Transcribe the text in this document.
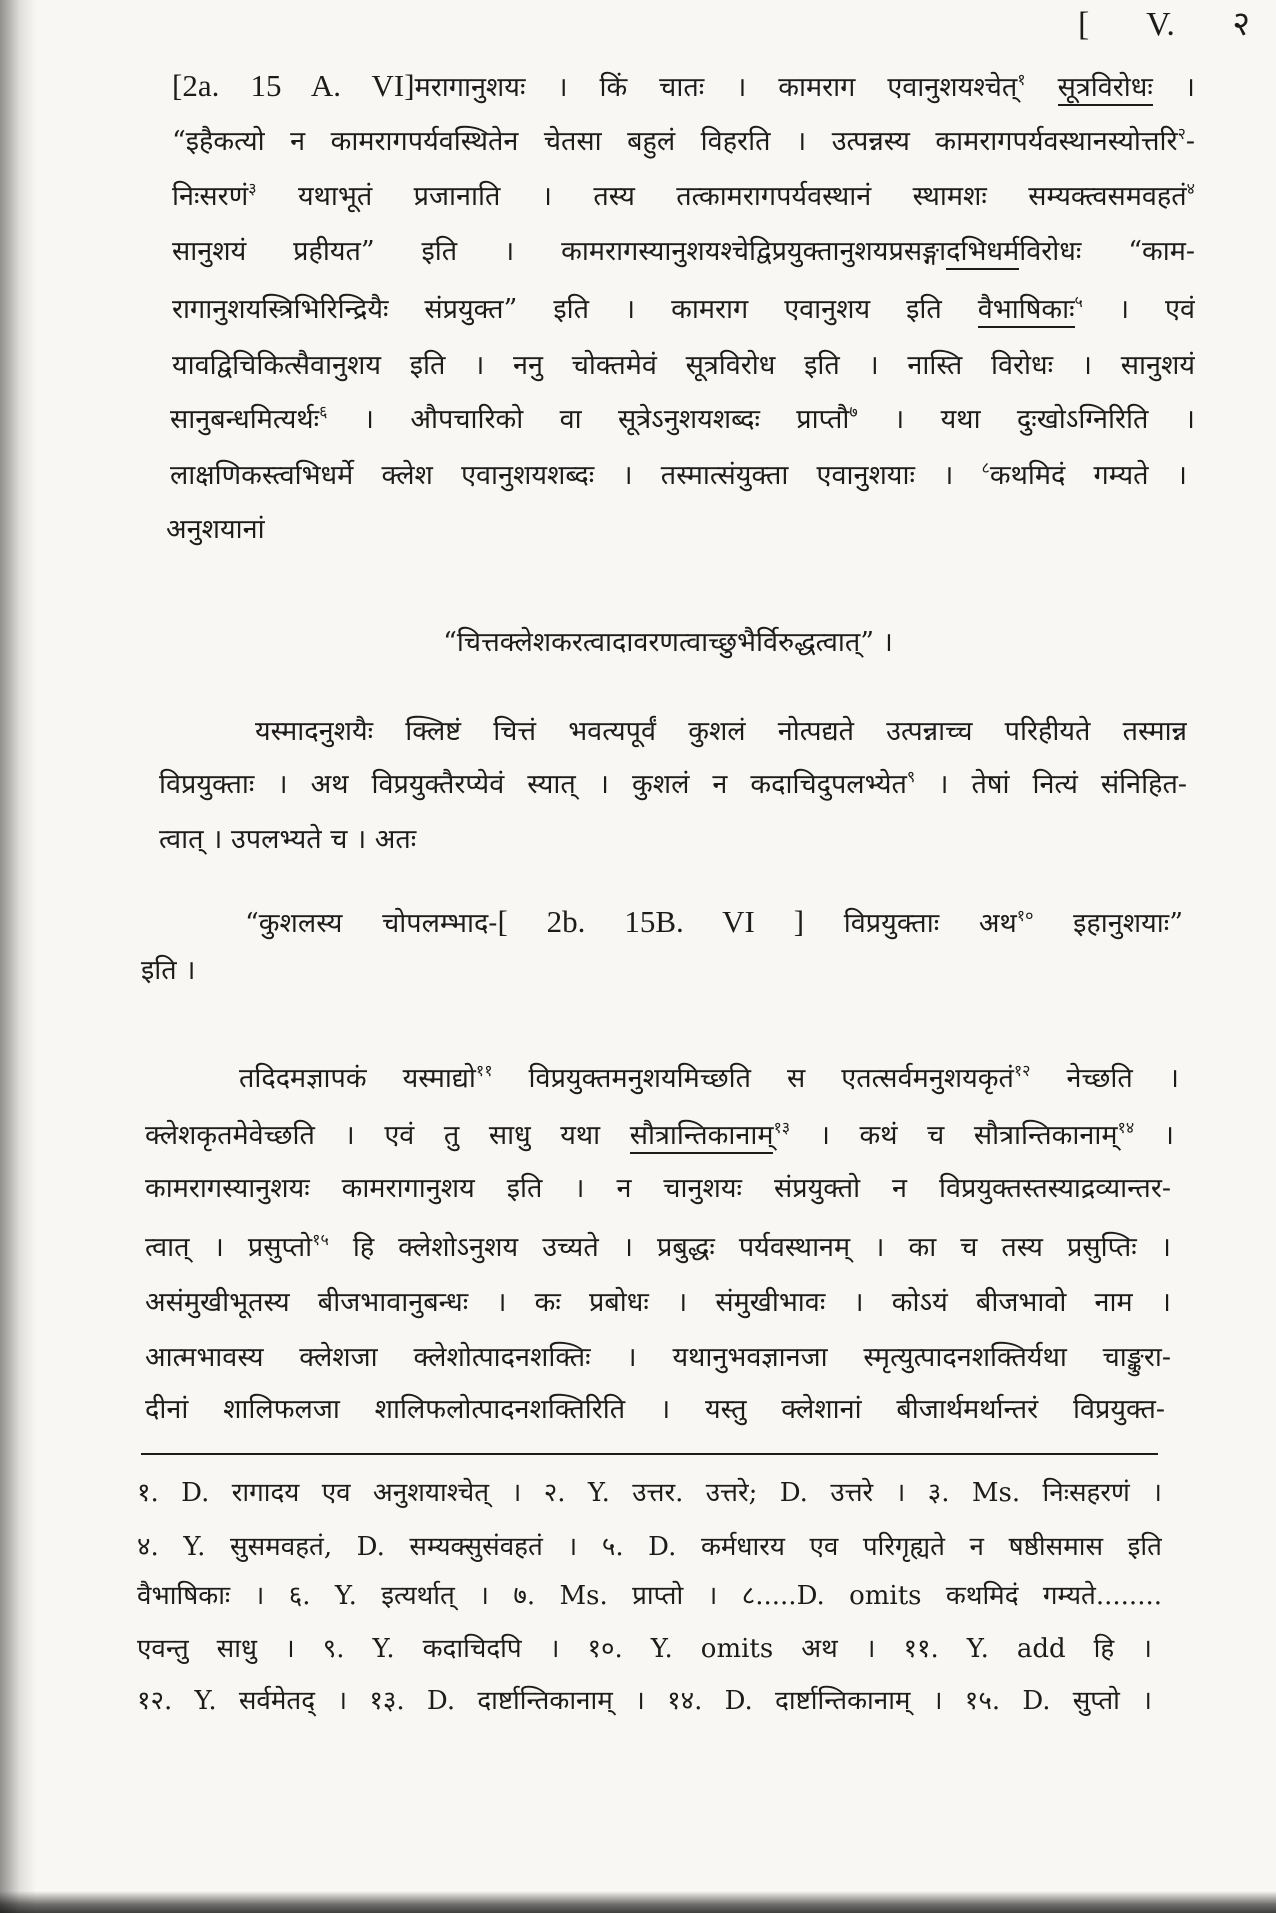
[ V. २
[2a. 15 A. VI]मरागानुशयः । किं चातः । कामराग एवानुशयश्चेत्$^१$ सूत्रविरोधः ।
“इहैकत्यो न कामरागपर्यवस्थितेन चेतसा बहुलं विहरति । उत्पन्नस्य कामरागपर्यवस्थानस्योत्तरि$^२$-
निःसरणं$^३$ यथाभूतं प्रजानाति । तस्य तत्कामरागपर्यवस्थानं स्थामशः सम्यक्त्वसमवहतं$^४$
सानुशयं प्रहीयत” इति । कामरागस्यानुशयश्चेद्विप्रयुक्तानुशयप्रसङ्गादभिधर्मविरोधः “काम-
रागानुशयस्त्रिभिरिन्द्रियैः संप्रयुक्त” इति । कामराग एवानुशय इति वैभाषिकाः$^५$ । एवं
यावद्विचिकित्सैवानुशय इति । ननु चोक्तमेवं सूत्रविरोध इति । नास्ति विरोधः । सानुशयं
सानुबन्धमित्यर्थः$^६$ । औपचारिको वा सूत्रेऽनुशयशब्दः प्राप्तौ$^७$ । यथा दुःखोऽग्निरिति ।
लाक्षणिकस्त्वभिधर्मे क्लेश एवानुशयशब्दः । तस्मात्संयुक्ता एवानुशयाः । $^८$कथमिदं गम्यते ।
अनुशयानां
“चित्तक्लेशकरत्वादावरणत्वाच्छुभैर्विरुद्धत्वात्” ।
यस्मादनुशयैः क्लिष्टं चित्तं भवत्यपूर्वं कुशलं नोत्पद्यते उत्पन्नाच्च परिहीयते तस्मान्न
विप्रयुक्ताः । अथ विप्रयुक्तैरप्येवं स्यात् । कुशलं न कदाचिदुपलभ्येत$^९$ । तेषां नित्यं संनिहित-
त्वात् । उपलभ्यते च । अतः
“कुशलस्य चोपलम्भाद-[ 2b. 15B. VI ] विप्रयुक्ताः अथ$^{१०}$ इहानुशयाः”
इति ।
तदिदमज्ञापकं यस्माद्यो$^{११}$ विप्रयुक्तमनुशयमिच्छति स एतत्सर्वमनुशयकृतं$^{१२}$ नेच्छति ।
क्लेशकृतमेवेच्छति । एवं तु साधु यथा सौत्रान्तिकानाम्$^{१३}$ । कथं च सौत्रान्तिकानाम्$^{१४}$ ।
कामरागस्यानुशयः कामरागानुशय इति । न चानुशयः संप्रयुक्तो न विप्रयुक्तस्तस्याद्रव्यान्तर-
त्वात् । प्रसुप्तो$^{१५}$ हि क्लेशोऽनुशय उच्यते । प्रबुद्धः पर्यवस्थानम् । का च तस्य प्रसुप्तिः ।
असंमुखीभूतस्य बीजभावानुबन्धः । कः प्रबोधः । संमुखीभावः । कोऽयं बीजभावो नाम ।
आत्मभावस्य क्लेशजा क्लेशोत्पादनशक्तिः । यथानुभवज्ञानजा स्मृत्युत्पादनशक्तिर्यथा चाङ्कुरा-
दीनां शालिफलजा शालिफलोत्पादनशक्तिरिति । यस्तु क्लेशानां बीजार्थमर्थान्तरं विप्रयुक्त-
१. D. रागादय एव अनुशयाश्चेत् । २. Y. उत्तर. उत्तरे; D. उत्तरे । ३. Ms. निःसहरणं ।
४. Y. सुसमवहतं, D. सम्यक्सुसंवहतं । ५. D. कर्मधारय एव परिगृह्यते न षष्ठीसमास इति
वैभाषिकाः । ६. Y. इत्यर्थात् । ७. Ms. प्राप्तो । ८.....D. omits कथमिदं गम्यते........
एवन्तु साधु । ९. Y. कदाचिदपि । १०. Y. omits अथ । ११. Y. add हि ।
१२. Y. सर्वमेतद् । १३. D. दार्ष्टान्तिकानाम् । १४. D. दार्ष्टान्तिकानाम् । १५. D. सुप्तो ।
